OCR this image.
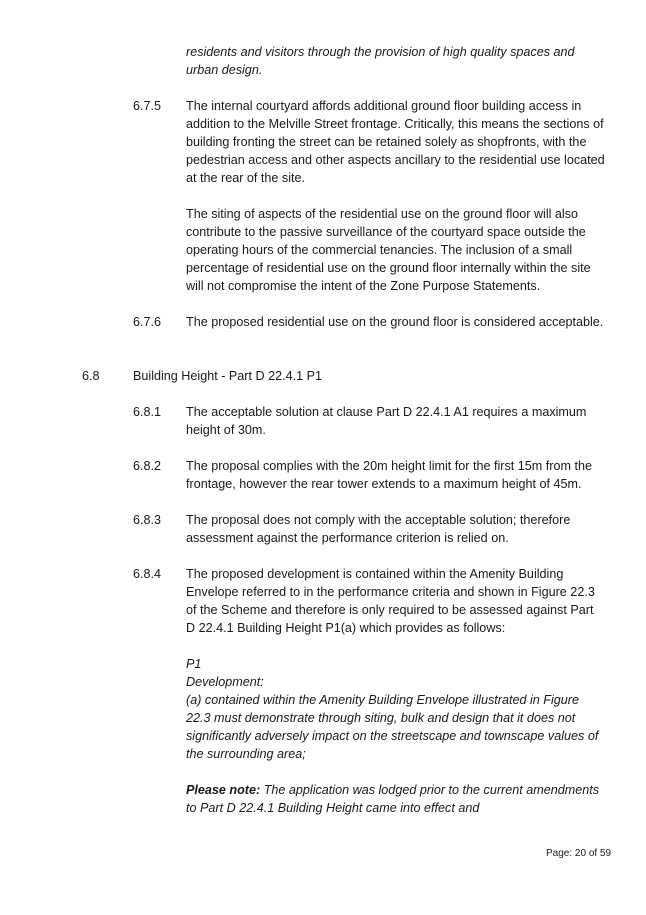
residents and visitors through the provision of high quality spaces and urban design.

6.7.5 The internal courtyard affords additional ground floor building access in addition to the Melville Street frontage. Critically, this means the sections of building fronting the street can be retained solely as shopfronts, with the pedestrian access and other aspects ancillary to the residential use located at the rear of the site.

The siting of aspects of the residential use on the ground floor will also contribute to the passive surveillance of the courtyard space outside the operating hours of the commercial tenancies. The inclusion of a small percentage of residential use on the ground floor internally within the site will not compromise the intent of the Zone Purpose Statements.

6.7.6 The proposed residential use on the ground floor is considered acceptable.

6.8	Building Height - Part D 22.4.1 P1
6.8.1 The acceptable solution at clause Part D 22.4.1 A1 requires a maximum height of 30m.

6.8.2 The proposal complies with the 20m height limit for the first 15m from the frontage, however the rear tower extends to a maximum height of 45m.

6.8.3 The proposal does not comply with the acceptable solution; therefore assessment against the performance criterion is relied on.

6.8.4 The proposed development is contained within the Amenity Building Envelope referred to in the performance criteria and shown in Figure 22.3 of the Scheme and therefore is only required to be assessed against Part D 22.4.1 Building Height P1(a) which provides as follows:

P1

Development:

(a) contained within the Amenity Building Envelope illustrated in Figure 22.3 must demonstrate through siting, bulk and design that it does not significantly adversely impact on the streetscape and townscape values of the surrounding area;

Please note: The application was lodged prior to the current amendments to Part D 22.4.1 Building Height came into effect and

Page: 20 of 59
